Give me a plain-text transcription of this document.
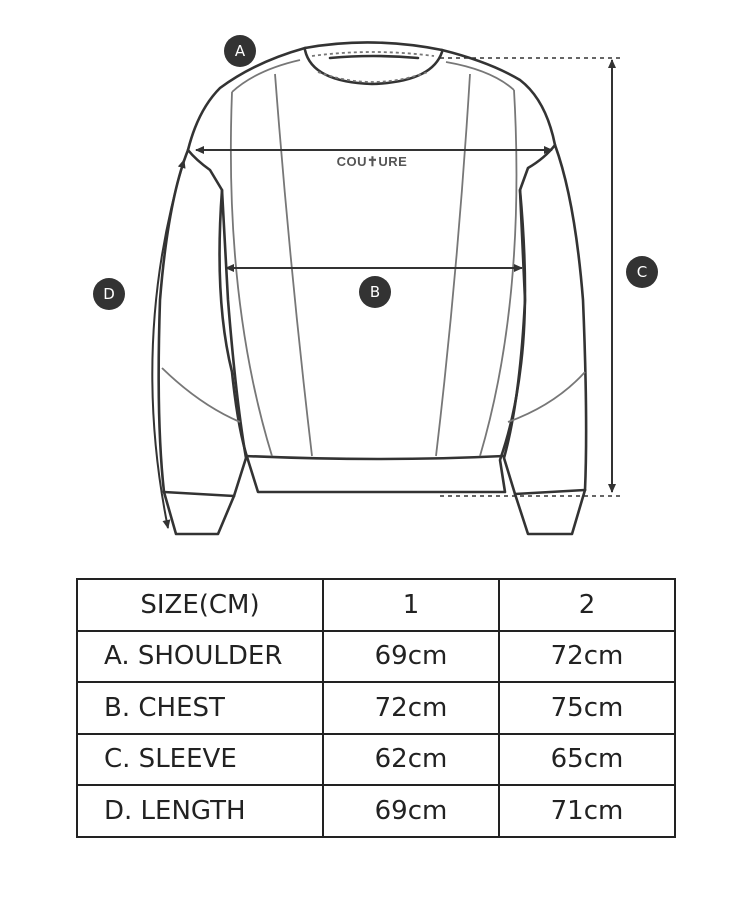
COU✝URE
A
B
C
D
SIZE(CM)	1	2
A. SHOULDER	69cm	72cm
B. CHEST	72cm	75cm
C. SLEEVE	62cm	65cm
D. LENGTH	69cm	71cm
